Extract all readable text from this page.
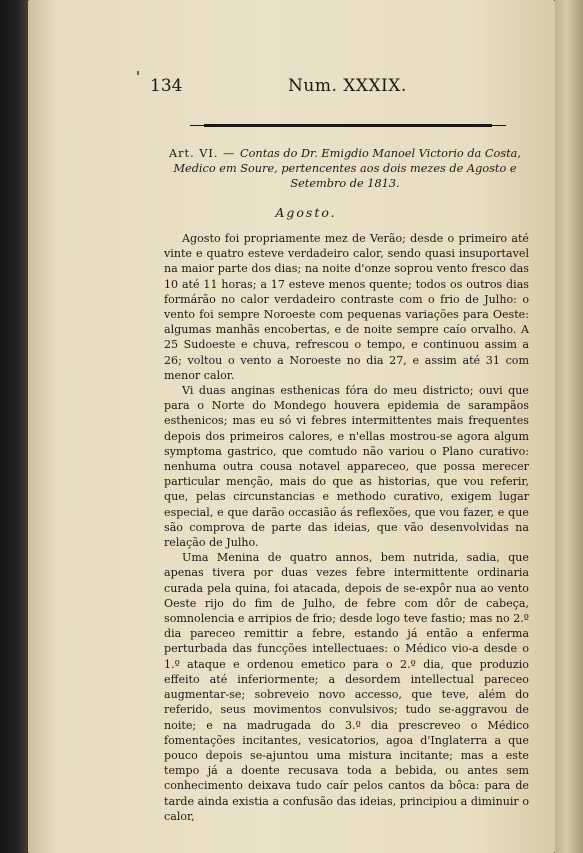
' 134	Num. XXXIX.
Art. VI. — Contas do Dr. Emigdio Manoel Victorio da Costa,
Medico em Soure, pertencentes aos dois mezes de Agosto e
Setembro de 1813.
Agosto.

Agosto foi propriamente mez de Verão; desde o primeiro até vinte e quatro esteve verdadeiro calor, sendo quasi insuportavel na maior parte dos dias; na noite d'onze soprou vento fresco das 10 até 11 horas; a 17 esteve menos quente; todos os outros dias formárão no calor verdadeiro contraste com o frio de Julho: o vento foi sempre Noroeste com pequenas variações para Oeste: algumas manhãs encobertas, e de noite sempre caío orvalho. A 25 Sudoeste e chuva, refrescou o tempo, e continuou assim a 26; voltou o vento a Noroeste no dia 27, e assim até 31 com menor calor.

Vi duas anginas esthenicas fóra do meu districto; ouvi que para o Norte do Mondego houvera epidemia de sarampãos esthenicos; mas eu só vi febres intermittentes mais frequentes depois dos primeiros calores, e n'ellas mostrou-se agora algum symptoma gastrico, que comtudo não variou o Plano curativo: nenhuma outra cousa notavel appareceo, que possa merecer particular menção, mais do que as historias, que vou referir, que, pelas circunstancias e methodo curativo, exigem lugar especial, e que darão occasião ás reflexões, que vou fazer, e que são comprova de parte das ideias, que vão desenvolvidas na relação de Julho.

Uma Menina de quatro annos, bem nutrida, sadia, que apenas tivera por duas vezes febre intermittente ordinaria curada pela quina, foi atacada, depois de se-expôr nua ao vento Oeste rijo do fim de Julho, de febre com dôr de cabeça, somnolencia e arripios de frio; desde logo teve fastio; mas no 2.º dia pareceo remittir a febre, estando já então a enferma perturbada das funcções intellectuaes: o Médico vio-a desde o 1.º ataque e ordenou emetico para o 2.º dia, que produzio effeito até inferiormente; a desordem intellectual pareceo augmentar-se; sobreveio novo accesso, que teve, além do referido, seus movimentos convulsivos; tudo se-aggravou de noite; e na madrugada do 3.º dia prescreveo o Médico fomentações incitantes, vesicatorios, agoa d'Inglaterra a que pouco depois se-ajuntou uma mistura incitante; mas a este tempo já a doente recusava toda a bebida, ou antes sem conhecimento deixava tudo caír pelos cantos da bôca: para de tarde ainda existia a confusão das ideias, principiou a diminuir o calor,
